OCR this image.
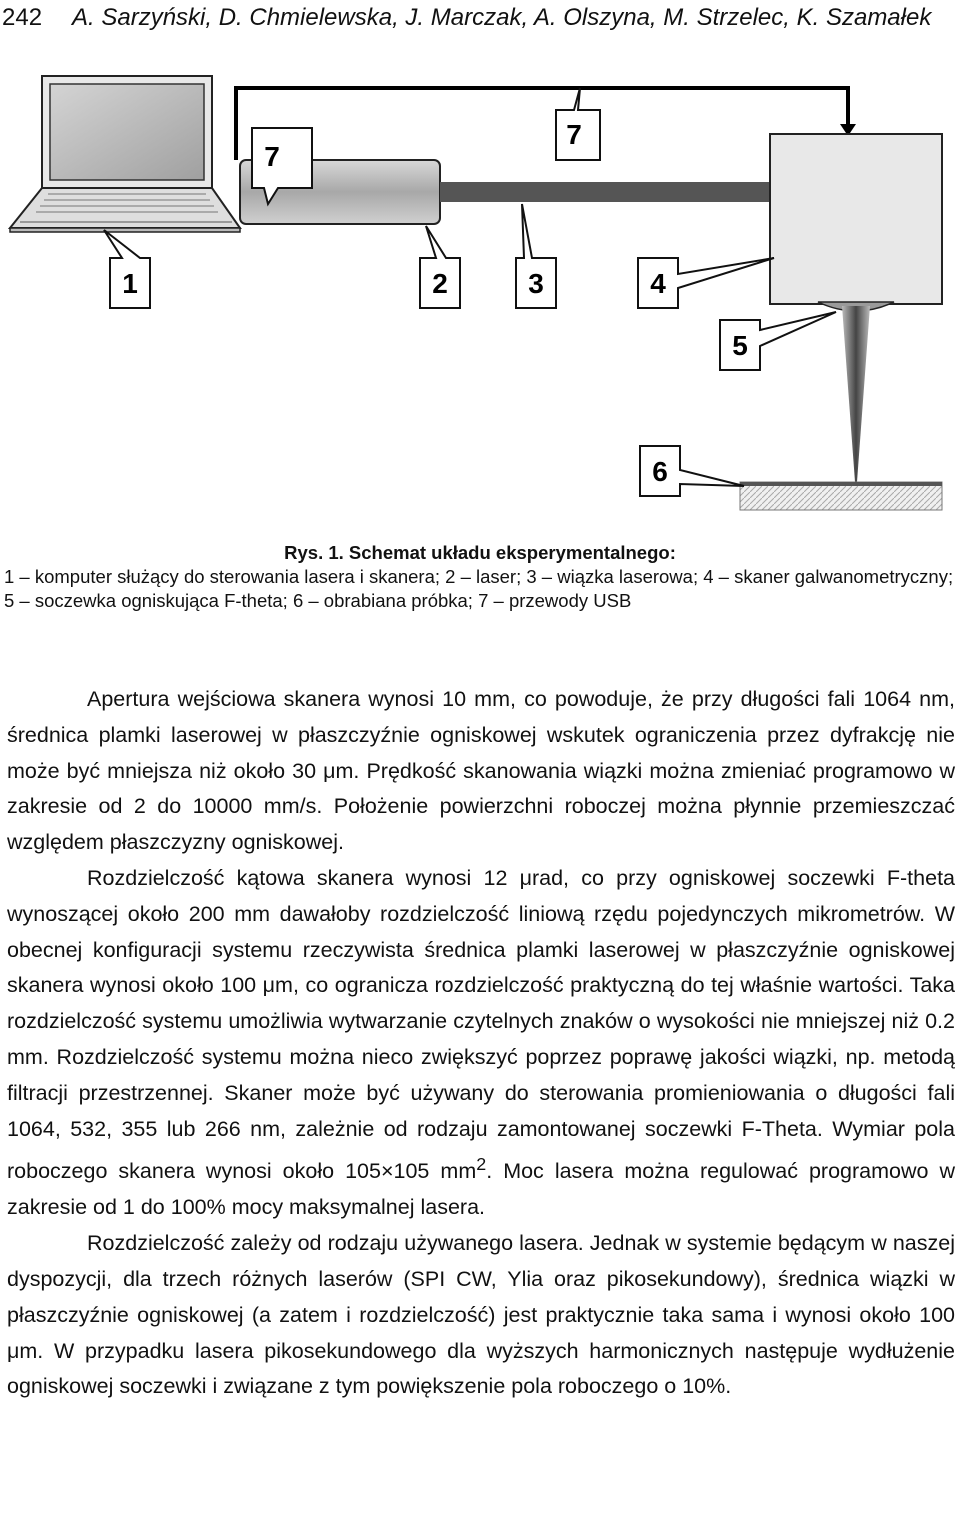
242 A. Sarzyński, D. Chmielewska, J. Marczak, A. Olszyna, M. Strzelec, K. Szamałek
7
7
1	2	3	4
5
6
Rys. 1. Schemat układu eksperymentalnego:
1 – komputer służący do sterowania lasera i skanera; 2 – laser; 3 – wiązka laserowa; 4 – skaner galwanometryczny; 5 – soczewka ogniskująca F-theta; 6 – obrabiana próbka; 7 – przewody USB

Apertura wejściowa skanera wynosi 10 mm, co powoduje, że przy długości fali 1064 nm, średnica plamki laserowej w płaszczyźnie ogniskowej wskutek ograniczenia przez dyfrakcję nie może być mniejsza niż około 30 μm. Prędkość skanowania wiązki można zmieniać programowo w zakresie od 2 do 10000 mm/s. Położenie powierzchni roboczej można płynnie przemieszczać względem płaszczyzny ogniskowej.

Rozdzielczość kątowa skanera wynosi 12 μrad, co przy ogniskowej soczewki F-theta wynoszącej około 200 mm dawałoby rozdzielczość liniową rzędu pojedynczych mikrometrów. W obecnej konfiguracji systemu rzeczywista średnica plamki laserowej w płaszczyźnie ogniskowej skanera wynosi około 100 μm, co ogranicza rozdzielczość praktyczną do tej właśnie wartości. Taka rozdzielczość systemu umożliwia wytwarzanie czytelnych znaków o wysokości nie mniejszej niż 0.2 mm. Rozdzielczość systemu można nieco zwiększyć poprzez poprawę jakości wiązki, np. metodą filtracji przestrzennej. Skaner może być używany do sterowania promieniowania o długości fali 1064, 532, 355 lub 266 nm, zależnie od rodzaju zamontowanej soczewki F-Theta. Wymiar pola roboczego skanera wynosi około 105×105 $mm^2$. Moc lasera można regulować programowo w zakresie od 1 do 100% mocy maksymalnej lasera.

Rozdzielczość zależy od rodzaju używanego lasera. Jednak w systemie będącym w naszej dyspozycji, dla trzech różnych laserów (SPI CW, Ylia oraz pikosekundowy), średnica wiązki w płaszczyźnie ogniskowej (a zatem i rozdzielczość) jest praktycznie taka sama i wynosi około 100 μm. W przypadku lasera pikosekundowego dla wyższych harmonicznych następuje wydłużenie ogniskowej soczewki i związane z tym powiększenie pola roboczego o 10%.
